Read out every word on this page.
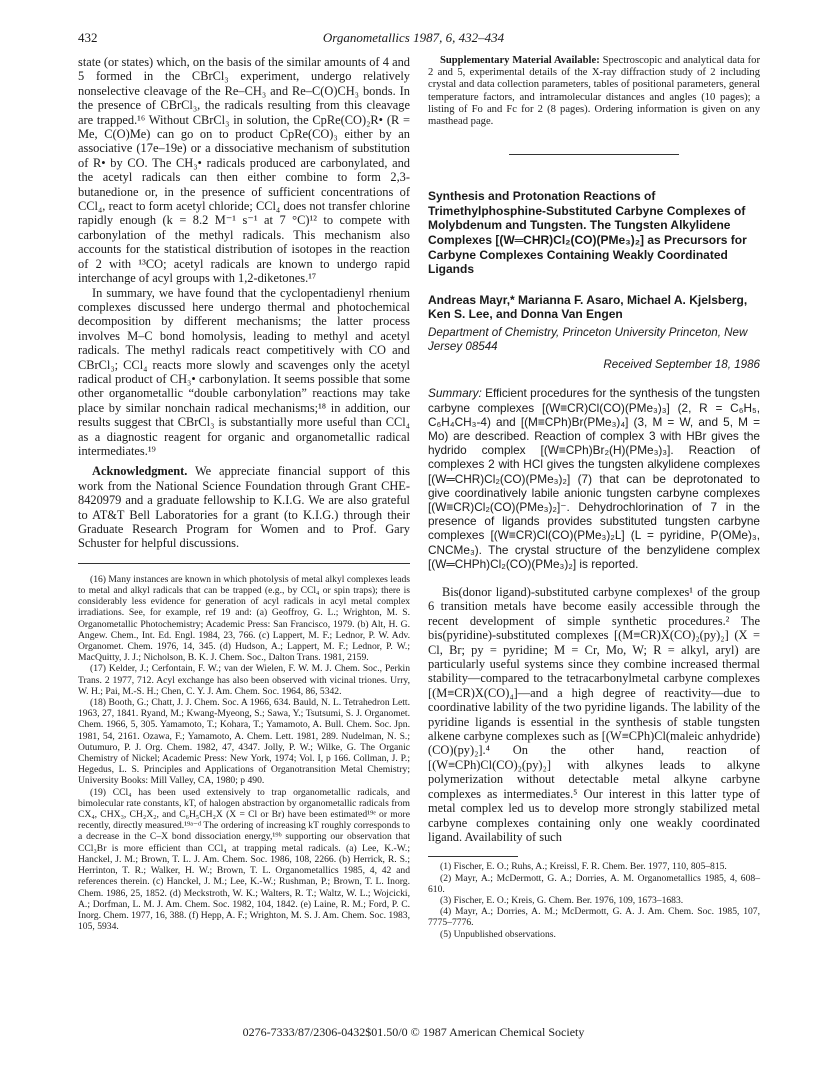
432	Organometallics 1987, 6, 432–434

state (or states) which, on the basis of the similar amounts of 4 and 5 formed in the CBrCl₃ experiment, undergo relatively nonselective cleavage of the Re–CH₃ and Re–C(O)CH₃ bonds. In the presence of CBrCl₃, the radicals resulting from this cleavage are trapped.¹⁶ Without CBrCl₃ in solution, the CpRe(CO)₂R• (R = Me, C(O)Me) can go on to product CpRe(CO)₃ either by an associative (17e–19e) or a dissociative mechanism of substitution of R• by CO. The CH₃• radicals produced are carbonylated, and the acetyl radicals can then either combine to form 2,3-butanedione or, in the presence of sufficient concentrations of CCl₄, react to form acetyl chloride; CCl₄ does not transfer chlorine rapidly enough (k = 8.2 M⁻¹ s⁻¹ at 7 °C)¹² to compete with carbonylation of the methyl radicals. This mechanism also accounts for the statistical distribution of isotopes in the reaction of 2 with ¹³CO; acetyl radicals are known to undergo rapid interchange of acyl groups with 1,2-diketones.¹⁷

In summary, we have found that the cyclopentadienyl rhenium complexes discussed here undergo thermal and photochemical decomposition by different mechanisms; the latter process involves M–C bond homolysis, leading to methyl and acetyl radicals. The methyl radicals react competitively with CO and CBrCl₃; CCl₄ reacts more slowly and scavenges only the acetyl radical product of CH₃• carbonylation. It seems possible that some other organometallic “double carbonylation” reactions may take place by similar nonchain radical mechanisms;¹⁸ in addition, our results suggest that CBrCl₃ is substantially more useful than CCl₄ as a diagnostic reagent for organic and organometallic radical intermediates.¹⁹

Acknowledgment. We appreciate financial support of this work from the National Science Foundation through Grant CHE-8420979 and a graduate fellowship to K.I.G. We are also grateful to AT&T Bell Laboratories for a grant (to K.I.G.) through their Graduate Research Program for Women and to Prof. Gary Schuster for helpful discussions.

(16) Many instances are known in which photolysis of metal alkyl complexes leads to metal and alkyl radicals that can be trapped (e.g., by CCl₄ or spin traps); there is considerably less evidence for generation of acyl radicals in acyl metal complex irradiations. See, for example, ref 19 and: (a) Geoffroy, G. L.; Wrighton, M. S. Organometallic Photochemistry; Academic Press: San Francisco, 1979. (b) Alt, H. G. Angew. Chem., Int. Ed. Engl. 1984, 23, 766. (c) Lappert, M. F.; Lednor, P. W. Adv. Organomet. Chem. 1976, 14, 345. (d) Hudson, A.; Lappert, M. F.; Lednor, P. W.; MacQuitty, J. J.; Nicholson, B. K. J. Chem. Soc., Dalton Trans. 1981, 2159.

(17) Kelder, J.; Cerfontain, F. W.; van der Wielen, F. W. M. J. Chem. Soc., Perkin Trans. 2 1977, 712. Acyl exchange has also been observed with vicinal triones. Urry, W. H.; Pai, M.-S. H.; Chen, C. Y. J. Am. Chem. Soc. 1964, 86, 5342.

(18) Booth, G.; Chatt, J. J. Chem. Soc. A 1966, 634. Bauld, N. L. Tetrahedron Lett. 1963, 27, 1841. Ryand, M.; Kwang-Myeong, S.; Sawa, Y.; Tsutsumi, S. J. Organomet. Chem. 1966, 5, 305. Yamamoto, T.; Kohara, T.; Yamamoto, A. Bull. Chem. Soc. Jpn. 1981, 54, 2161. Ozawa, F.; Yamamoto, A. Chem. Lett. 1981, 289. Nudelman, N. S.; Outumuro, P. J. Org. Chem. 1982, 47, 4347. Jolly, P. W.; Wilke, G. The Organic Chemistry of Nickel; Academic Press: New York, 1974; Vol. I, p 166. Collman, J. P.; Hegedus, L. S. Principles and Applications of Organotransition Metal Chemistry; University Books: Mill Valley, CA, 1980; p 490.

(19) CCl₄ has been used extensively to trap organometallic radicals, and bimolecular rate constants, kT, of halogen abstraction by organometallic radicals from CX₄, CHX₃, CH₂X₂, and C₆H₅CH₂X (X = Cl or Br) have been estimated¹⁹ᵉ or more recently, directly measured.¹⁹ᵃ⁻ᵈ The ordering of increasing kT roughly corresponds to a decrease in the C–X bond dissociation energy,¹⁹ᵇ supporting our observation that CCl₃Br is more efficient than CCl₄ at trapping metal radicals. (a) Lee, K.-W.; Hanckel, J. M.; Brown, T. L. J. Am. Chem. Soc. 1986, 108, 2266. (b) Herrick, R. S.; Herrinton, T. R.; Walker, H. W.; Brown, T. L. Organometallics 1985, 4, 42 and references therein. (c) Hanckel, J. M.; Lee, K.-W.; Rushman, P.; Brown, T. L. Inorg. Chem. 1986, 25, 1852. (d) Meckstroth, W. K.; Walters, R. T.; Waltz, W. L.; Wojcicki, A.; Dorfman, L. M. J. Am. Chem. Soc. 1982, 104, 1842. (e) Laine, R. M.; Ford, P. C. Inorg. Chem. 1977, 16, 388. (f) Hepp, A. F.; Wrighton, M. S. J. Am. Chem. Soc. 1983, 105, 5934.

Supplementary Material Available: Spectroscopic and analytical data for 2 and 5, experimental details of the X-ray diffraction study of 2 including crystal and data collection parameters, tables of positional parameters, general temperature factors, and intramolecular distances and angles (10 pages); a listing of Fo and Fc for 2 (8 pages). Ordering information is given on any masthead page.

Synthesis and Protonation Reactions of Trimethylphosphine-Substituted Carbyne Complexes of Molybdenum and Tungsten. The Tungsten Alkylidene Complexes [(W═CHR)Cl₂(CO)(PMe₃)₂] as Precursors for Carbyne Complexes Containing Weakly Coordinated Ligands

Andreas Mayr,* Marianna F. Asaro, Michael A. Kjelsberg, Ken S. Lee, and Donna Van Engen

Department of Chemistry, Princeton University Princeton, New Jersey 08544

Received September 18, 1986

Summary: Efficient procedures for the synthesis of the tungsten carbyne complexes [(W≡CR)Cl(CO)(PMe₃)₃] (2, R = C₆H₅, C₆H₄CH₃-4) and [(M≡CPh)Br(PMe₃)₄] (3, M = W, and 5, M = Mo) are described. Reaction of complex 3 with HBr gives the hydrido complex [(W≡CPh)Br₂(H)(PMe₃)₃]. Reaction of complexes 2 with HCl gives the tungsten alkylidene complexes [(W═CHR)Cl₂(CO)(PMe₃)₂] (7) that can be deprotonated to give coordinatively labile anionic tungsten carbyne complexes [(W≡CR)Cl₂(CO)(PMe₃)₂]⁻. Dehydrochlorination of 7 in the presence of ligands provides substituted tungsten carbyne complexes [(W≡CR)Cl(CO)(PMe₃)₂L] (L = pyridine, P(OMe)₃, CNCMe₃). The crystal structure of the benzylidene complex [(W═CHPh)Cl₂(CO)(PMe₃)₂] is reported.

Bis(donor ligand)-substituted carbyne complexes¹ of the group 6 transition metals have become easily accessible through the recent development of simple synthetic procedures.² The bis(pyridine)-substituted complexes [(M≡CR)X(CO)₂(py)₂] (X = Cl, Br; py = pyridine; M = Cr, Mo, W; R = alkyl, aryl) are particularly useful systems since they combine increased thermal stability—compared to the tetracarbonylmetal carbyne complexes [(M≡CR)X(CO)₄]—and a high degree of reactivity—due to coordinative lability of the two pyridine ligands. The lability of the pyridine ligands is essential in the synthesis of stable tungsten alkene carbyne complexes such as [(W≡CPh)Cl(maleic anhydride)(CO)(py)₂].⁴ On the other hand, reaction of [(W≡CPh)Cl(CO)₂(py)₂] with alkynes leads to alkyne polymerization without detectable metal alkyne carbyne complexes as intermediates.⁵ Our interest in this latter type of metal complex led us to develop more strongly stabilized metal carbyne complexes containing only one weakly coordinated ligand. Availability of such

(1) Fischer, E. O.; Ruhs, A.; Kreissl, F. R. Chem. Ber. 1977, 110, 805–815.

(2) Mayr, A.; McDermott, G. A.; Dorries, A. M. Organometallics 1985, 4, 608–610.

(3) Fischer, E. O.; Kreis, G. Chem. Ber. 1976, 109, 1673–1683.

(4) Mayr, A.; Dorries, A. M.; McDermott, G. A. J. Am. Chem. Soc. 1985, 107, 7775–7776.

(5) Unpublished observations.

0276-7333/87/2306-0432$01.50/0 © 1987 American Chemical Society
